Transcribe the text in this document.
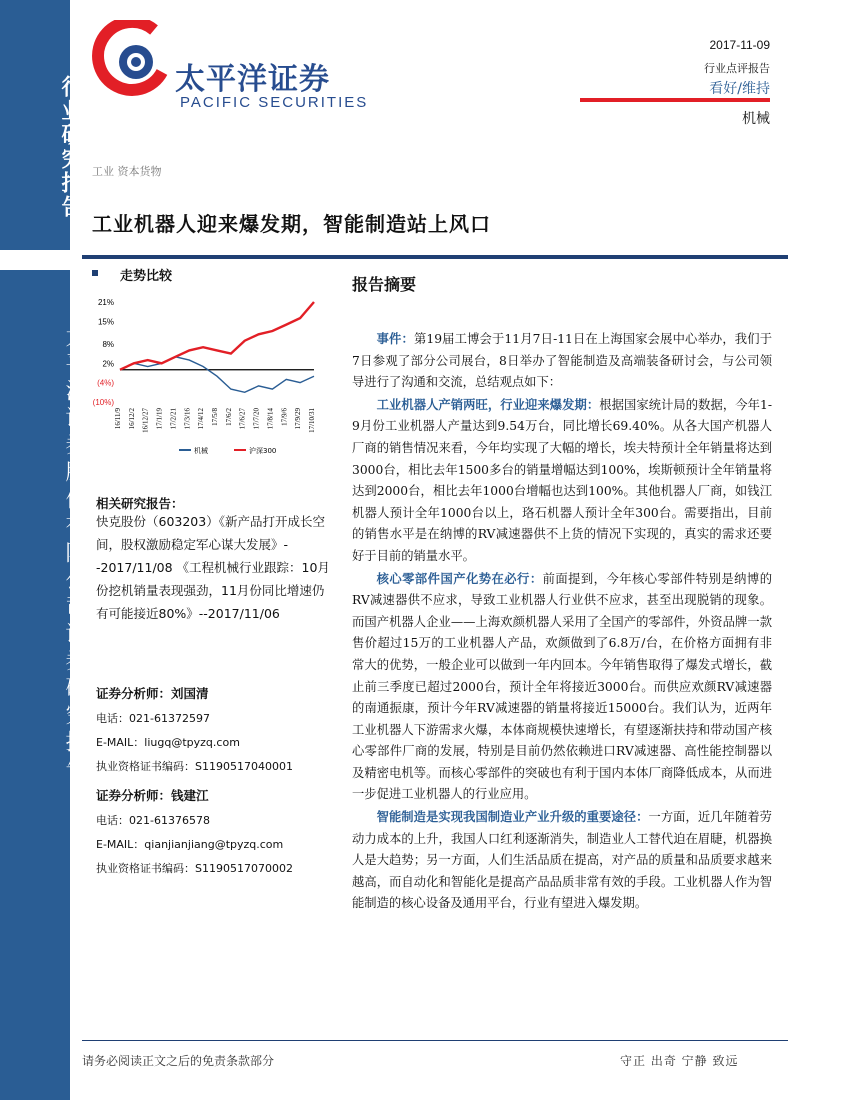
行业研究报告
太平洋证券股份有限公司证券研究报告
太平洋证券
PACIFIC SECURITIES
2017-11-09
行业点评报告
看好/维持
机械
工业 资本货物
工业机器人迎来爆发期，智能制造站上风口
走势比较
21%
15%
8%
2%
(4%)
(10%)
16/11/9 16/12/2 16/12/27 17/1/19 17/2/21 17/3/16 17/4/12 17/5/8 17/6/2 17/6/27 17/7/20 17/8/14 17/9/6 17/9/29 17/10/31
机械	沪深300
相关研究报告：
快克股份（603203）《新产品打开成长空间，股权激励稳定军心谋大发展》--2017/11/08 《工程机械行业跟踪：10月份挖机销量表现强劲，11月份同比增速仍有可能接近80%》--2017/11/06
证券分析师：刘国清
电话：021-61372597
E-MAIL：liugq@tpyzq.com
执业资格证书编码：S1190517040001
证券分析师：钱建江
电话：021-61376578
E-MAIL：qianjianjiang@tpyzq.com
执业资格证书编码：S1190517070002
报告摘要

事件：第19届工博会于11月7日-11日在上海国家会展中心举办，我们于7日参观了部分公司展台，8日举办了智能制造及高端装备研讨会，与公司领导进行了沟通和交流，总结观点如下：

工业机器人产销两旺，行业迎来爆发期：根据国家统计局的数据，今年1-9月份工业机器人产量达到9.54万台，同比增长69.40%。从各大国产机器人厂商的销售情况来看，今年均实现了大幅的增长，埃夫特预计全年销量将达到3000台，相比去年1500多台的销量增幅达到100%，埃斯顿预计全年销量将达到2000台，相比去年1000台增幅也达到100%。其他机器人厂商，如钱江机器人预计全年1000台以上，珞石机器人预计全年300台。需要指出，目前的销售水平是在纳博的RV减速器供不上货的情况下实现的，真实的需求还要好于目前的销量水平。

核心零部件国产化势在必行：前面提到，今年核心零部件特别是纳博的RV减速器供不应求，导致工业机器人行业供不应求，甚至出现脱销的现象。而国产机器人企业——上海欢颜机器人采用了全国产的零部件，外资品牌一款售价超过15万的工业机器人产品，欢颜做到了6.8万/台，在价格方面拥有非常大的优势，一般企业可以做到一年内回本。今年销售取得了爆发式增长，截止前三季度已超过2000台，预计全年将接近3000台。而供应欢颜RV减速器的南通振康，预计今年RV减速器的销量将接近15000台。我们认为，近两年工业机器人下游需求火爆，本体商规模快速增长，有望逐渐扶持和带动国产核心零部件厂商的发展，特别是目前仍然依赖进口RV减速器、高性能控制器以及精密电机等。而核心零部件的突破也有利于国内本体厂商降低成本，从而进一步促进工业机器人的行业应用。

智能制造是实现我国制造业产业升级的重要途径：一方面，近几年随着劳动力成本的上升，我国人口红利逐渐消失，制造业人工替代迫在眉睫，机器换人是大趋势；另一方面，人们生活品质在提高，对产品的质量和品质要求越来越高，而自动化和智能化是提高产品品质非常有效的手段。工业机器人作为智能制造的核心设备及通用平台，行业有望进入爆发期。

请务必阅读正文之后的免责条款部分	守正 出奇 宁静 致远
